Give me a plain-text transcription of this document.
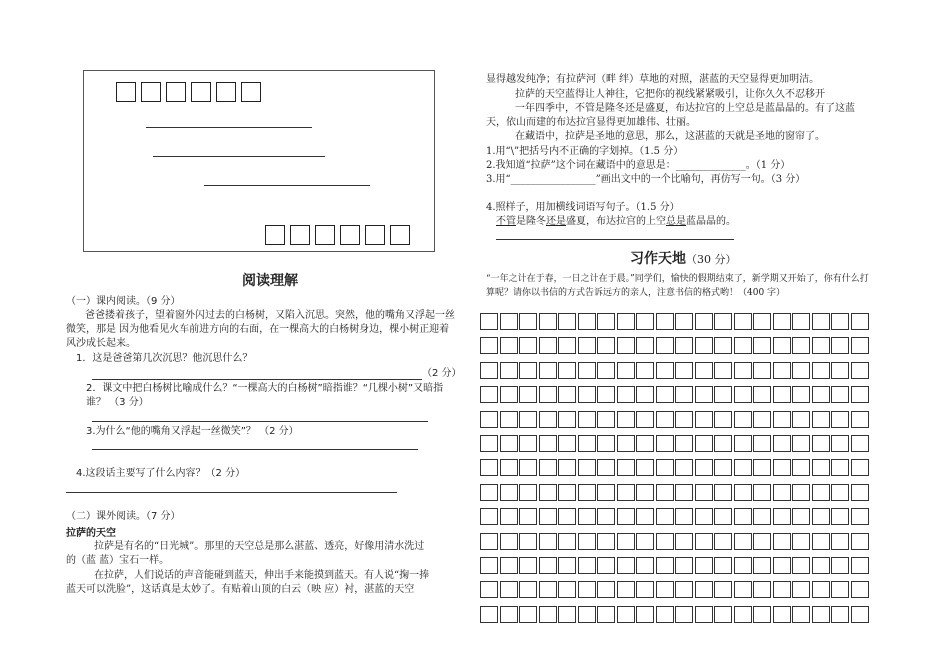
阅读理解
（一）课内阅读。（9 分）
爸爸搂着孩子，望着窗外闪过去的白杨树，又陷入沉思。突然，他的嘴角又浮起一丝
微笑，那是 因为他看见火车前进方向的右面，在一棵高大的白杨树身边，棵小树正迎着
风沙成长起来。
1．这是爸爸第几次沉思？他沉思什么？
（2 分）
2．课文中把白杨树比喻成什么？“一棵高大的白杨树”暗指谁？“几棵小树”又暗指
谁？ （3 分）
3.为什么“他的嘴角又浮起一丝微笑”？ （2 分）
4.这段话主要写了什么内容？（2 分）
（二）课外阅读。（7 分）
拉萨的天空
拉萨是有名的“日光城”。那里的天空总是那么湛蓝、透亮，好像用清水洗过
的（蓝 蓝）宝石一样。
在拉萨，人们说话的声音能碰到蓝天，伸出手来能摸到蓝天。有人说“掬一捧
蓝天可以洗脸”，这话真是太妙了。有贴着山顶的白云（映 应）衬，湛蓝的天空
显得越发纯净；有拉萨河（畔 绊）草地的对照，湛蓝的天空显得更加明洁。
拉萨的天空蓝得让人神往，它把你的视线紧紧吸引，让你久久不忍移开
一年四季中，不管是隆冬还是盛夏，布达拉宫的上空总是蓝晶晶的。有了这蓝
天，依山而建的布达拉宫显得更加雄伟、壮丽。
在藏语中，拉萨是圣地的意思，那么，这湛蓝的天就是圣地的窗帘了。
1.用“\”把括号内不正确的字划掉。（1.5 分）
2.我知道“拉萨”这个词在藏语中的意思是：______________。（1 分）
3.用“_________________”画出文中的一个比喻句，再仿写一句。（3 分）
4.照样子，用加横线词语写句子。（1.5 分）
不管是隆冬还是盛夏，布达拉宫的上空总是蓝晶晶的。
习作天地（30 分）
“一年之计在于春，一日之计在于晨。”同学们，愉快的假期结束了，新学期又开始了，你有什么打
算呢？请你以书信的方式告诉远方的亲人，注意书信的格式哟！（400 字）
